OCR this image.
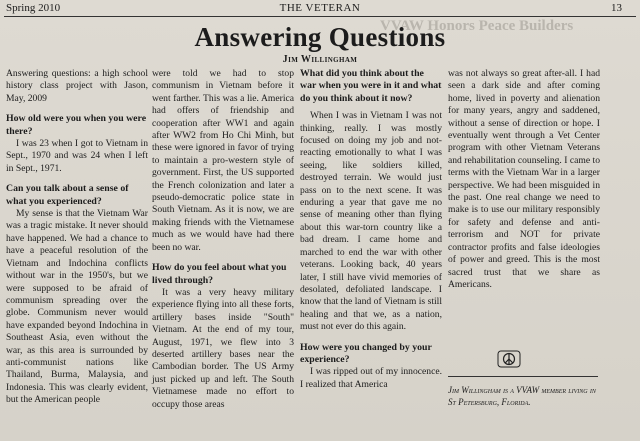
Spring 2010	THE VETERAN	13
VVAW Honors Peace Builders
Answering Questions
Jim Willingham

Answering questions: a high school history class project with Jason, May, 2009

How old were you when you were there?

I was 23 when I got to Vietnam in Sept., 1970 and was 24 when I left in Sept., 1971.

Can you talk about a sense of what you experienced?

My sense is that the Vietnam War was a tragic mistake. It never should have happened. We had a chance to have a peaceful resolution of the Vietnam and Indochina conflicts without war in the 1950's, but we were supposed to be afraid of communism spreading over the globe. Communism never would have expanded beyond Indochina in Southeast Asia, even without the war, as this area is surrounded by anti-communist nations like Thailand, Burma, Malaysia, and Indonesia. This was clearly evident, but the American people

were told we had to stop communism in Vietnam before it went farther. This was a lie. America had offers of friendship and cooperation after WW1 and again after WW2 from Ho Chi Minh, but these were ignored in favor of trying to maintain a pro-western style of government. First, the US supported the French colonization and later a pseudo-democratic police state in South Vietnam. As it is now, we are making friends with the Vietnamese much as we would have had there been no war.

How do you feel about what you lived through?

It was a very heavy military experience flying into all these forts, artillery bases inside "South" Vietnam. At the end of my tour, August, 1971, we flew into 3 deserted artillery bases near the Cambodian border. The US Army just picked up and left. The South Vietnamese made no effort to occupy those areas

What did you think about the war when you were in it and what do you think about it now?

When I was in Vietnam I was not thinking, really. I was mostly focused on doing my job and not-reacting emotionally to what I was seeing, like soldiers killed, destroyed terrain. We would just pass on to the next scene. It was enduring a year that gave me no sense of meaning other than flying about this war-torn country like a bad dream. I came home and marched to end the war with other veterans. Looking back, 40 years later, I still have vivid memories of desolated, defoliated landscape. I know that the land of Vietnam is still healing and that we, as a nation, must not ever do this again.

How were you changed by your experience?

I was ripped out of my innocence. I realized that America

was not always so great after-all. I had seen a dark side and after coming home, lived in poverty and alienation for many years, angry and saddened, without a sense of direction or hope. I eventually went through a Vet Center program with other Vietnam Veterans and rehabilitation counseling. I came to terms with the Vietnam War in a larger perspective. We had been misguided in the past. One real change we need to make is to use our military responsibly for safety and defense and anti-terrorism and NOT for private contractor profits and false ideologies of power and greed. This is the most sacred trust that we share as Americans.

Jim Willingham is a VVAW member living in St Petersburg, Florida.
